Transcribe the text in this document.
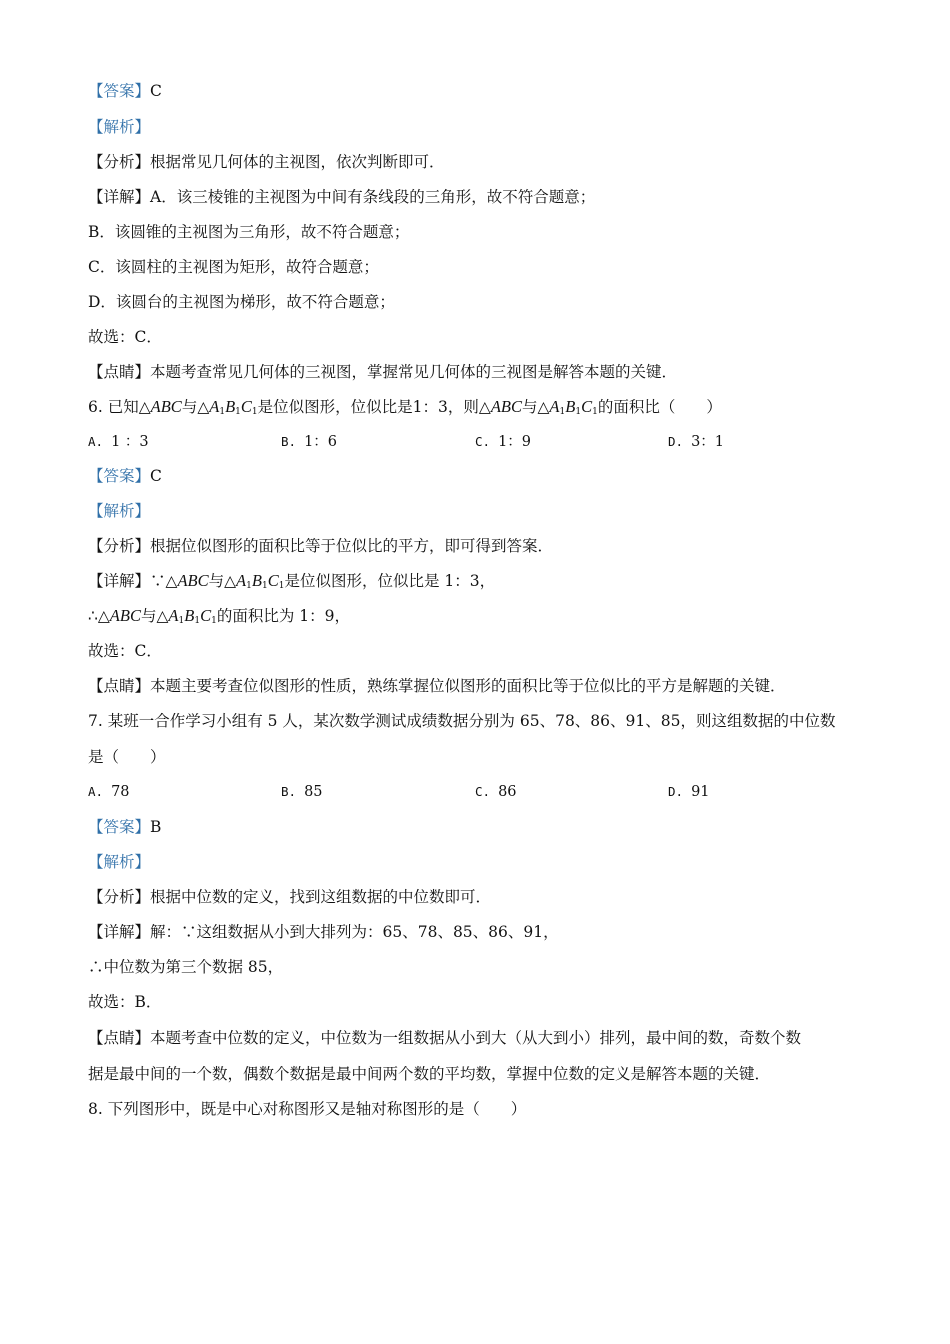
【答案】C
【解析】
【分析】根据常见几何体的主视图，依次判断即可．
【详解】A．该三棱锥的主视图为中间有条线段的三角形，故不符合题意；
B．该圆锥的主视图为三角形，故不符合题意；
C．该圆柱的主视图为矩形，故符合题意；
D．该圆台的主视图为梯形，故不符合题意；
故选：C．
【点睛】本题考查常见几何体的三视图，掌握常见几何体的三视图是解答本题的关键．
6. 已知△ABC与$\triangle A_1B_1C_1$是位似图形，位似比是1：3，则△ABC与$\triangle A_1B_1C_1$的面积比（　　）
A. 1 ：3	B. 1：6	C. 1：9	D. 3：1
【答案】C
【解析】
【分析】根据位似图形的面积比等于位似比的平方，即可得到答案．
【详解】∵△ABC与$\triangle A_1B_1C_1$是位似图形，位似比是 1：3，
∴△ABC与$\triangle A_1B_1C_1$的面积比为 1：9，
故选：C．
【点睛】本题主要考查位似图形的性质，熟练掌握位似图形的面积比等于位似比的平方是解题的关键．
7. 某班一合作学习小组有 5 人，某次数学测试成绩数据分别为 65、78、86、91、85，则这组数据的中位数
是（　　）
A. 78	B. 85	C. 86	D. 91
【答案】B
【解析】
【分析】根据中位数的定义，找到这组数据的中位数即可．
【详解】解：∵这组数据从小到大排列为：65、78、85、86、91，
∴中位数为第三个数据 85，
故选：B．
【点睛】本题考查中位数的定义，中位数为一组数据从小到大（从大到小）排列，最中间的数，奇数个数
据是最中间的一个数，偶数个数据是最中间两个数的平均数，掌握中位数的定义是解答本题的关键．
8. 下列图形中，既是中心对称图形又是轴对称图形的是（　　）
